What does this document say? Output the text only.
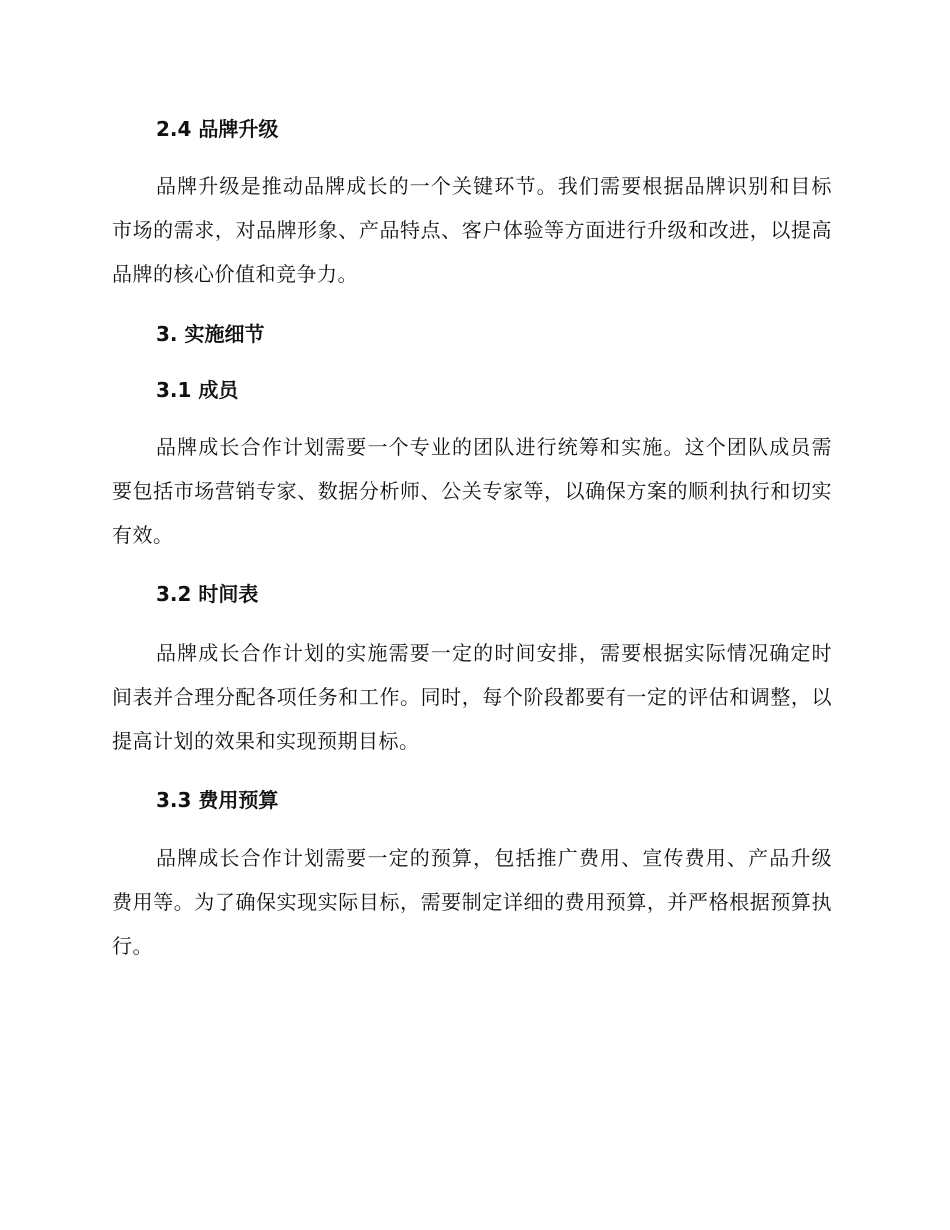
2.4 品牌升级
品牌升级是推动品牌成长的一个关键环节。我们需要根据品牌识别和目标市场的需求，对品牌形象、产品特点、客户体验等方面进行升级和改进，以提高品牌的核心价值和竞争力。
3. 实施细节
3.1 成员
品牌成长合作计划需要一个专业的团队进行统筹和实施。这个团队成员需要包括市场营销专家、数据分析师、公关专家等，以确保方案的顺利执行和切实有效。
3.2 时间表
品牌成长合作计划的实施需要一定的时间安排，需要根据实际情况确定时间表并合理分配各项任务和工作。同时，每个阶段都要有一定的评估和调整，以提高计划的效果和实现预期目标。
3.3 费用预算
品牌成长合作计划需要一定的预算，包括推广费用、宣传费用、产品升级费用等。为了确保实现实际目标，需要制定详细的费用预算，并严格根据预算执行。
